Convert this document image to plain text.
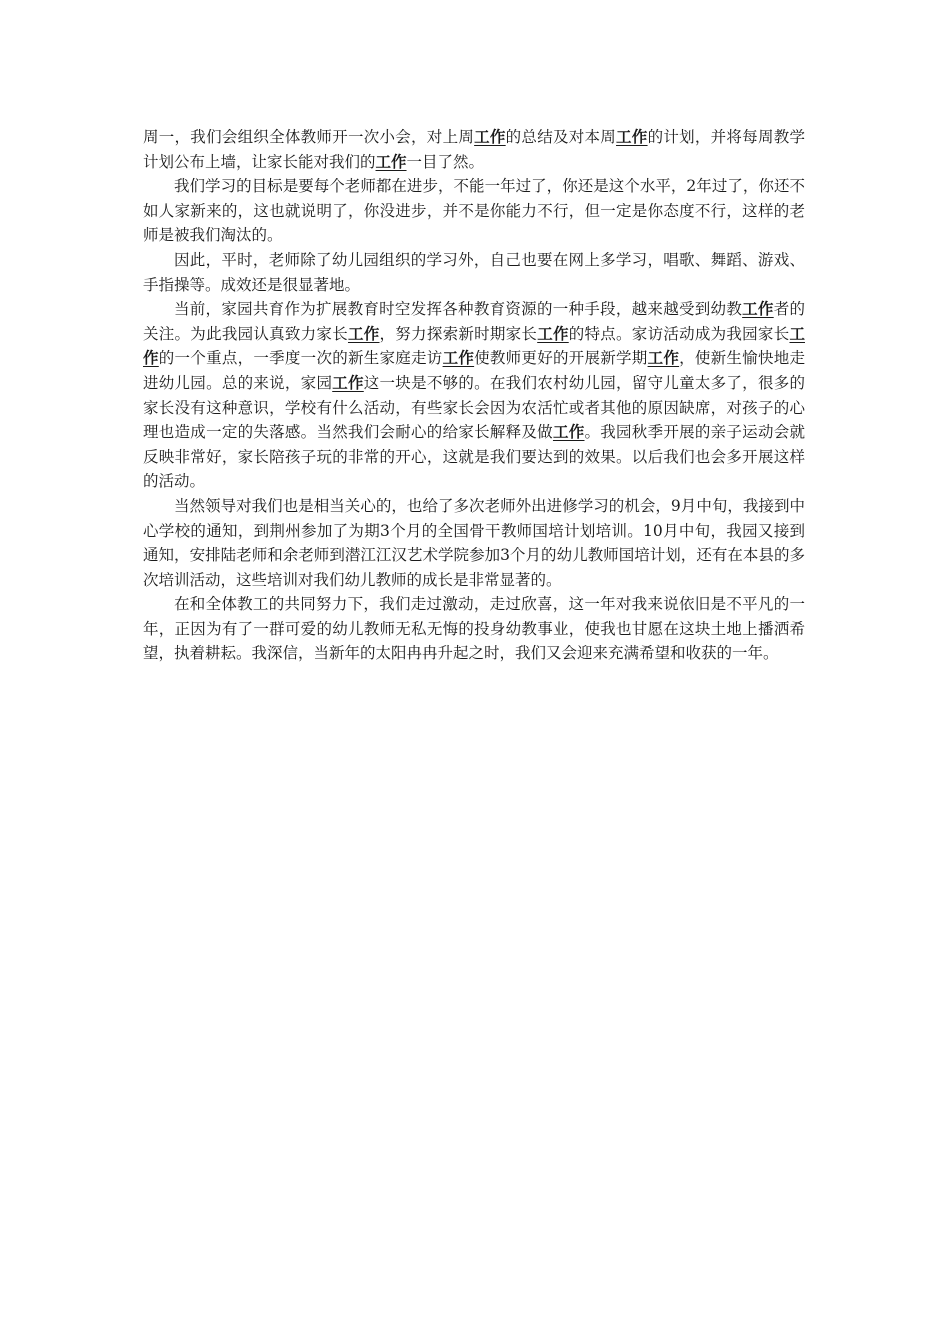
周一，我们会组织全体教师开一次小会，对上周工作的总结及对本周工作的计划，并将每周教学计划公布上墙，让家长能对我们的工作一目了然。

我们学习的目标是要每个老师都在进步，不能一年过了，你还是这个水平，2年过了，你还不如人家新来的，这也就说明了，你没进步，并不是你能力不行，但一定是你态度不行，这样的老师是被我们淘汰的。

因此，平时，老师除了幼儿园组织的学习外，自己也要在网上多学习，唱歌、舞蹈、游戏、手指操等。成效还是很显著地。

当前，家园共育作为扩展教育时空发挥各种教育资源的一种手段，越来越受到幼教工作者的关注。为此我园认真致力家长工作，努力探索新时期家长工作的特点。家访活动成为我园家长工作的一个重点，一季度一次的新生家庭走访工作使教师更好的开展新学期工作，使新生愉快地走进幼儿园。总的来说，家园工作这一块是不够的。在我们农村幼儿园，留守儿童太多了，很多的家长没有这种意识，学校有什么活动，有些家长会因为农活忙或者其他的原因缺席，对孩子的心理也造成一定的失落感。当然我们会耐心的给家长解释及做工作。我园秋季开展的亲子运动会就反映非常好，家长陪孩子玩的非常的开心，这就是我们要达到的效果。以后我们也会多开展这样的活动。

当然领导对我们也是相当关心的，也给了多次老师外出进修学习的机会，9月中旬，我接到中心学校的通知，到荆州参加了为期3个月的全国骨干教师国培计划培训。10月中旬，我园又接到通知，安排陆老师和余老师到潜江江汉艺术学院参加3个月的幼儿教师国培计划，还有在本县的多次培训活动，这些培训对我们幼儿教师的成长是非常显著的。

在和全体教工的共同努力下，我们走过激动，走过欣喜，这一年对我来说依旧是不平凡的一年，正因为有了一群可爱的幼儿教师无私无悔的投身幼教事业，使我也甘愿在这块土地上播洒希望，执着耕耘。我深信，当新年的太阳冉冉升起之时，我们又会迎来充满希望和收获的一年。
